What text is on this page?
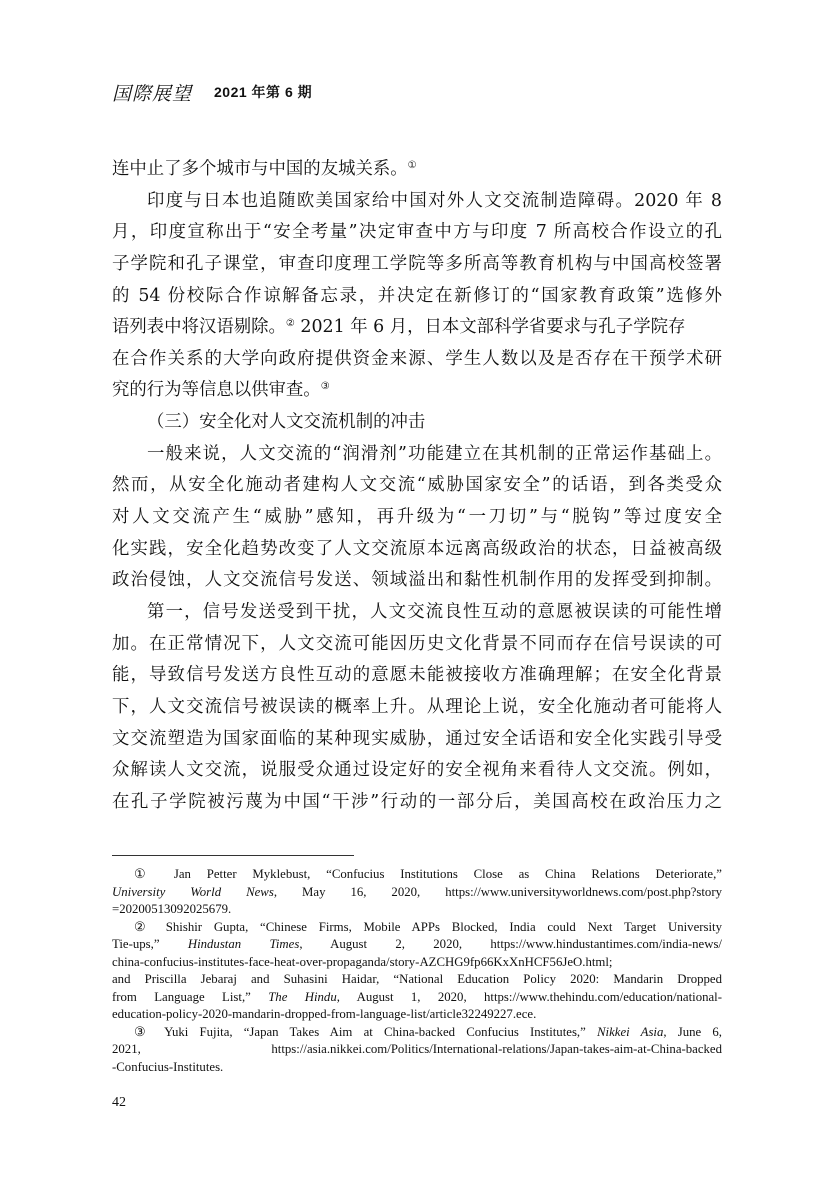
国際展望 2021 年第 6 期
连中止了多个城市与中国的友城关系。①
印度与日本也追随欧美国家给中国对外人文交流制造障碍。2020 年 8
月，印度宣称出于“安全考量”决定审查中方与印度 7 所高校合作设立的孔
子学院和孔子课堂，审查印度理工学院等多所高等教育机构与中国高校签署
的 54 份校际合作谅解备忘录，并决定在新修订的“国家教育政策”选修外
语列表中将汉语剔除。② 2021 年 6 月，日本文部科学省要求与孔子学院存
在合作关系的大学向政府提供资金来源、学生人数以及是否存在干预学术研
究的行为等信息以供审查。③
（三）安全化对人文交流机制的冲击
一般来说，人文交流的“润滑剂”功能建立在其机制的正常运作基础上。
然而，从安全化施动者建构人文交流“威胁国家安全”的话语，到各类受众
对人文交流产生“威胁”感知，再升级为“一刀切”与“脱钩”等过度安全
化实践，安全化趋势改变了人文交流原本远离高级政治的状态，日益被高级
政治侵蚀，人文交流信号发送、领域溢出和黏性机制作用的发挥受到抑制。
第一，信号发送受到干扰，人文交流良性互动的意愿被误读的可能性增
加。在正常情况下，人文交流可能因历史文化背景不同而存在信号误读的可
能，导致信号发送方良性互动的意愿未能被接收方准确理解；在安全化背景
下，人文交流信号被误读的概率上升。从理论上说，安全化施动者可能将人
文交流塑造为国家面临的某种现实威胁，通过安全话语和安全化实践引导受
众解读人文交流，说服受众通过设定好的安全视角来看待人文交流。例如，
在孔子学院被污蔑为中国“干涉”行动的一部分后，美国高校在政治压力之
① Jan Petter Myklebust, “Confucius Institutions Close as China Relations Deteriorate,”
University World News, May 16, 2020, https://www.universityworldnews.com/post.php?story
=20200513092025679.
② Shishir Gupta, “Chinese Firms, Mobile APPs Blocked, India could Next Target University
Tie-ups,” Hindustan Times, August 2, 2020, https://www.hindustantimes.com/india-news/
china-confucius-institutes-face-heat-over-propaganda/story-AZCHG9fp66KxXnHCF56JeO.html;
and Priscilla Jebaraj and Suhasini Haidar, “National Education Policy 2020: Mandarin Dropped
from Language List,” The Hindu, August 1, 2020, https://www.thehindu.com/education/national-
education-policy-2020-mandarin-dropped-from-language-list/article32249227.ece.
③ Yuki Fujita, “Japan Takes Aim at China-backed Confucius Institutes,” Nikkei Asia, June 6,
2021, https://asia.nikkei.com/Politics/International-relations/Japan-takes-aim-at-China-backed
-Confucius-Institutes.
42
